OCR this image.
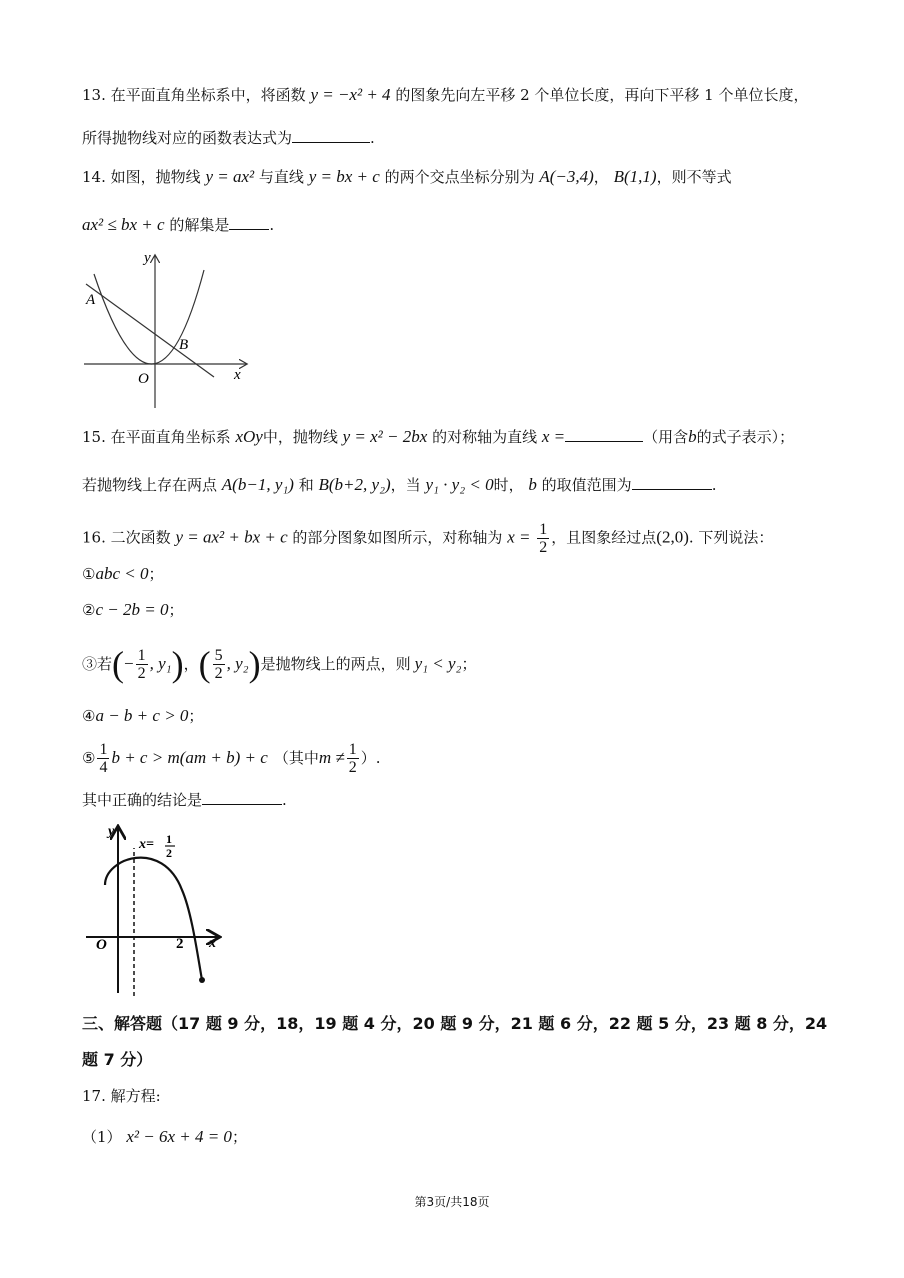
13. 在平面直角坐标系中，将函数 y = −x² + 4 的图象先向左平移 2 个单位长度，再向下平移 1 个单位长度，
所得抛物线对应的函数表达式为	.
14. 如图，抛物线 y = ax² 与直线 y = bx + c 的两个交点坐标分别为 A(−3,4)， B(1,1)，则不等式
ax² ≤ bx + c 的解集是	.
y
x
O
A
B
15. 在平面直角坐标系 xOy中，抛物线 y = x² − 2bx 的对称轴为直线 x =	（用含b的式子表示）；
若抛物线上存在两点 A(b−1, y₁) 和 B(b+2, y₂)，当 y₁ · y₂ < 0时， b 的取值范围为	.
16. 二次函数 y = ax² + bx + c 的部分图象如图所示，对称轴为 $x = \frac{1}{2}$ ，且图象经过点(2,0). 下列说法：
①abc < 0；
②c − 2b = 0；
③若 ( − $\frac{1}{2}$ , y₁ ) ， ( $\frac{5}{2}$ , y₂ ) 是抛物线上的两点，则 y₁ < y₂ ；
④a − b + c > 0；
⑤ $\frac{1}{4}$ b + c > m(am + b) + c （其中 $m \ne \frac{1}{2}$ ）.
其中正确的结论是	.
y
x
O	2
x= 1
2
三、解答题（17 题 9 分，18，19 题 4 分，20 题 9 分，21 题 6 分，22 题 5 分，23 题 8 分，24
题 7 分）
17. 解方程:
（1） x² − 6x + 4 = 0；
第3页/共18页
